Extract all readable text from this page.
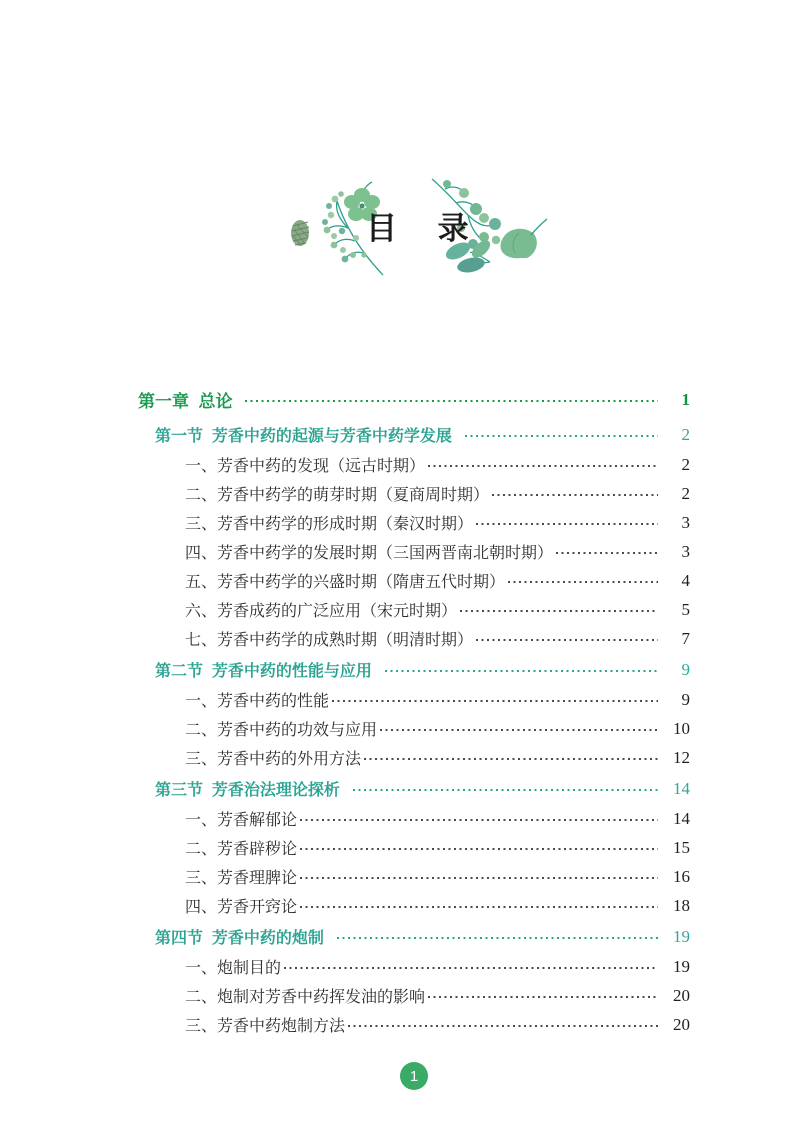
目 录
第一章  总论	1
第一节  芳香中药的起源与芳香中药学发展	2
一、芳香中药的发现（远古时期）	2
二、芳香中药学的萌芽时期（夏商周时期）	2
三、芳香中药学的形成时期（秦汉时期）	3
四、芳香中药学的发展时期（三国两晋南北朝时期）	3
五、芳香中药学的兴盛时期（隋唐五代时期）	4
六、芳香成药的广泛应用（宋元时期）	5
七、芳香中药学的成熟时期（明清时期）	7
第二节  芳香中药的性能与应用	9
一、芳香中药的性能	9
二、芳香中药的功效与应用	10
三、芳香中药的外用方法	12
第三节  芳香治法理论探析	14
一、芳香解郁论	14
二、芳香辟秽论	15
三、芳香理脾论	16
四、芳香开窍论	18
第四节  芳香中药的炮制	19
一、炮制目的	19
二、炮制对芳香中药挥发油的影响	20
三、芳香中药炮制方法	20
1
